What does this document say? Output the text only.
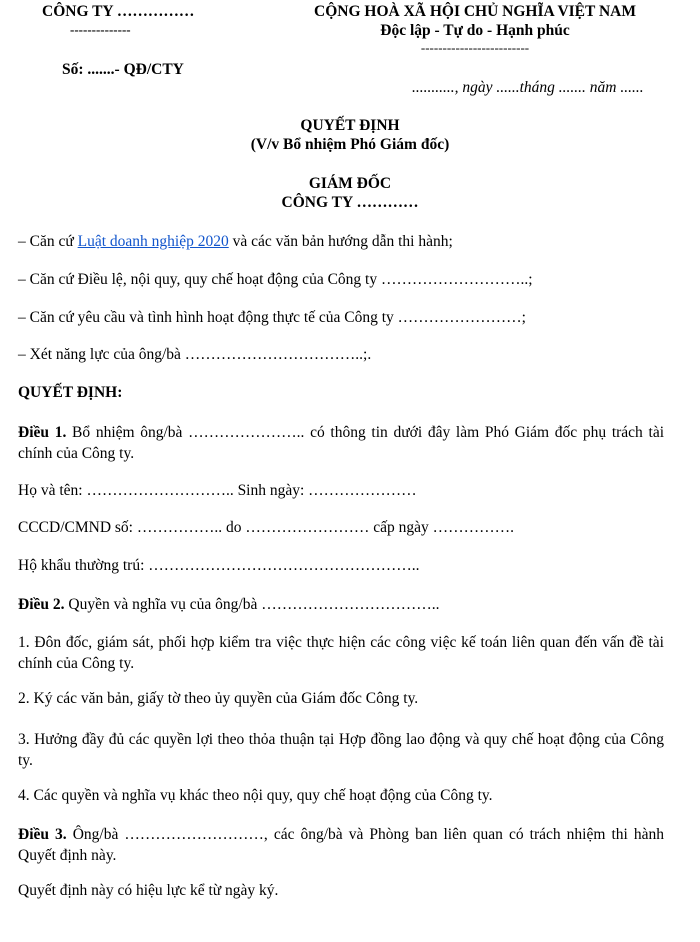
CÔNG TY ……………
--------------
Số: .......- QĐ/CTY
CỘNG HOÀ XÃ HỘI CHỦ NGHĨA VIỆT NAM
Độc lập - Tự do - Hạnh phúc
-------------------------
..........., ngày ......tháng ....... năm ......
QUYẾT ĐỊNH
(V/v Bổ nhiệm Phó Giám đốc)
GIÁM ĐỐC
CÔNG TY …………
– Căn cứ Luật doanh nghiệp 2020 và các văn bản hướng dẫn thi hành;
– Căn cứ Điều lệ, nội quy, quy chế hoạt động của Công ty ………………………..;
– Căn cứ yêu cầu và tình hình hoạt động thực tế của Công ty ……………………;
– Xét năng lực của ông/bà ……………………………..;.
QUYẾT ĐỊNH:
Điều 1. Bổ nhiệm ông/bà ………………….. có thông tin dưới đây làm Phó Giám đốc phụ trách tài chính của Công ty.
Họ và tên: ……………………….. Sinh ngày: …………………
CCCD/CMND số: …………….. do …………………… cấp ngày …………….
Hộ khẩu thường trú: ……………………………………………..
Điều 2. Quyền và nghĩa vụ của ông/bà ……………………………..
1. Đôn đốc, giám sát, phối hợp kiểm tra việc thực hiện các công việc kế toán liên quan đến vấn đề tài chính của Công ty.
2. Ký các văn bản, giấy tờ theo ủy quyền của Giám đốc Công ty.
3. Hưởng đầy đủ các quyền lợi theo thỏa thuận tại Hợp đồng lao động và quy chế hoạt động của Công ty.
4. Các quyền và nghĩa vụ khác theo nội quy, quy chế hoạt động của Công ty.
Điều 3. Ông/bà ………………………, các ông/bà và Phòng ban liên quan có trách nhiệm thi hành Quyết định này.
Quyết định này có hiệu lực kể từ ngày ký.
